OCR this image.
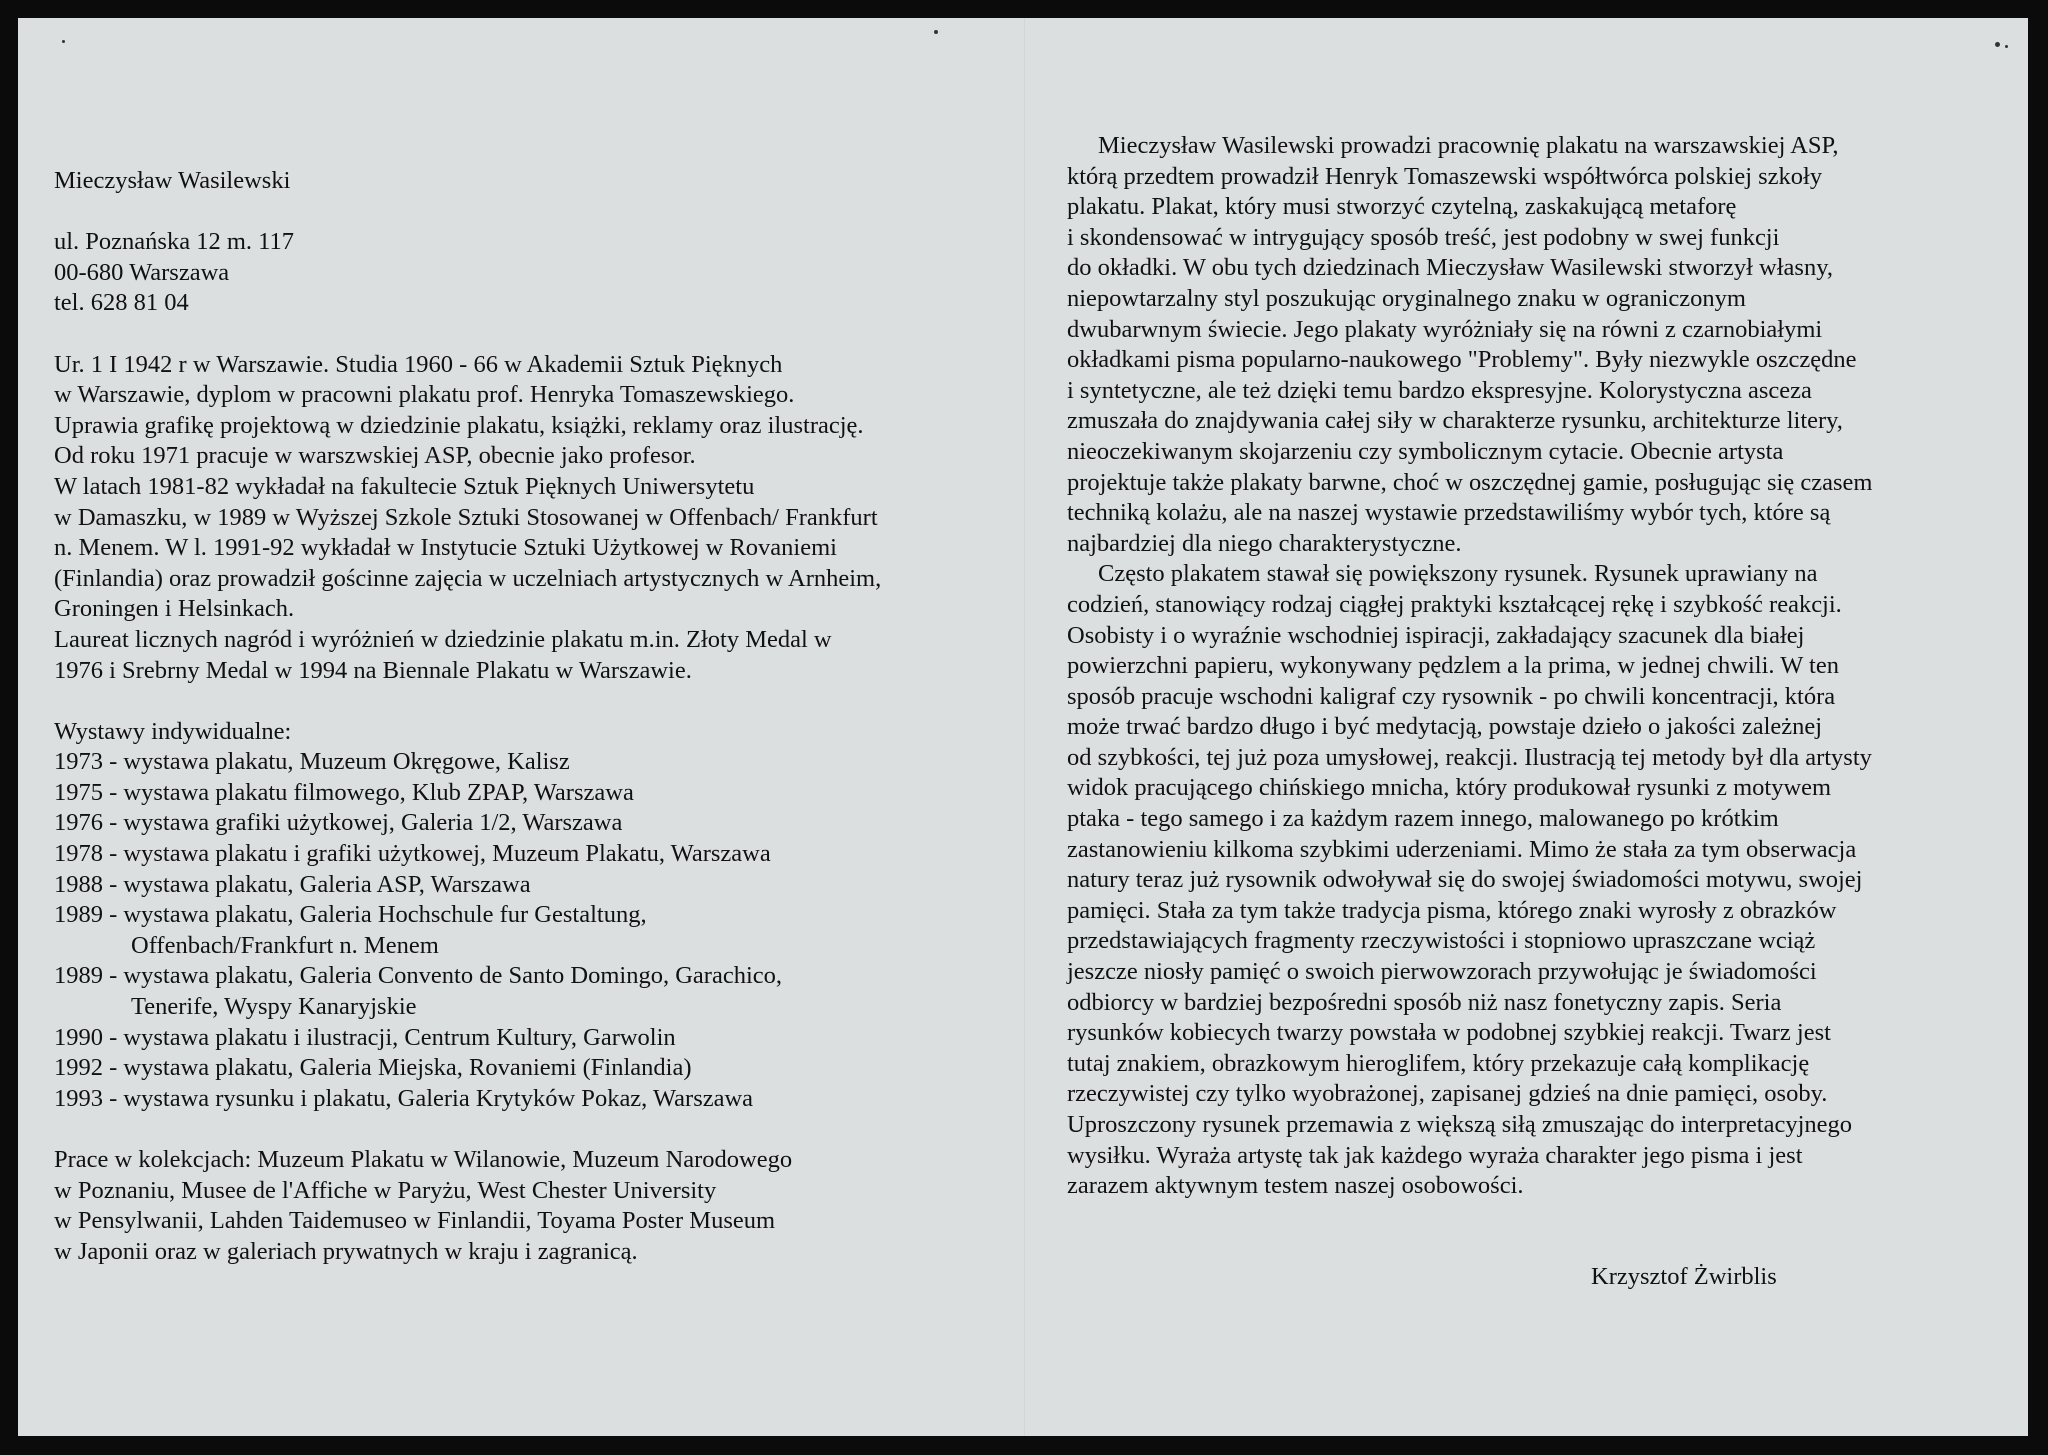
Mieczysław Wasilewski
ul. Poznańska 12 m. 117
00-680 Warszawa
tel. 628 81 04
Ur. 1 I 1942 r w Warszawie. Studia 1960 - 66 w Akademii Sztuk Pięknych
w Warszawie, dyplom w pracowni plakatu prof. Henryka Tomaszewskiego.
Uprawia grafikę projektową w dziedzinie plakatu, książki, reklamy oraz ilustrację.
Od roku 1971 pracuje w warszwskiej ASP, obecnie jako profesor.
W latach 1981-82 wykładał na fakultecie Sztuk Pięknych Uniwersytetu
w Damaszku, w 1989 w Wyższej Szkole Sztuki Stosowanej w Offenbach/ Frankfurt
n. Menem. W l. 1991-92 wykładał w Instytucie Sztuki Użytkowej w Rovaniemi
(Finlandia) oraz prowadził gościnne zajęcia w uczelniach artystycznych w Arnheim,
Groningen i Helsinkach.
Laureat licznych nagród i wyróżnień w dziedzinie plakatu m.in. Złoty Medal w
1976 i Srebrny Medal w 1994 na Biennale Plakatu w Warszawie.
Wystawy indywidualne:
1973 - wystawa plakatu, Muzeum Okręgowe, Kalisz
1975 - wystawa plakatu filmowego, Klub ZPAP, Warszawa
1976 - wystawa grafiki użytkowej, Galeria 1/2, Warszawa
1978 - wystawa plakatu i grafiki użytkowej, Muzeum Plakatu, Warszawa
1988 - wystawa plakatu, Galeria ASP, Warszawa
1989 - wystawa plakatu, Galeria Hochschule fur Gestaltung,
Offenbach/Frankfurt n. Menem
1989 - wystawa plakatu, Galeria Convento de Santo Domingo, Garachico,
Tenerife, Wyspy Kanaryjskie
1990 - wystawa plakatu i ilustracji, Centrum Kultury, Garwolin
1992 - wystawa plakatu, Galeria Miejska, Rovaniemi (Finlandia)
1993 - wystawa rysunku i plakatu, Galeria Krytyków Pokaz, Warszawa
Prace w kolekcjach: Muzeum Plakatu w Wilanowie, Muzeum Narodowego
w Poznaniu, Musee de l'Affiche w Paryżu, West Chester University
w Pensylwanii, Lahden Taidemuseo w Finlandii, Toyama Poster Museum
w Japonii oraz w galeriach prywatnych w kraju i zagranicą.
Mieczysław Wasilewski prowadzi pracownię plakatu na warszawskiej ASP,
którą przedtem prowadził Henryk Tomaszewski współtwórca polskiej szkoły
plakatu. Plakat, który musi stworzyć czytelną, zaskakującą metaforę
i skondensować w intrygujący sposób treść, jest podobny w swej funkcji
do okładki. W obu tych dziedzinach Mieczysław Wasilewski stworzył własny,
niepowtarzalny styl poszukując oryginalnego znaku w ograniczonym
dwubarwnym świecie. Jego plakaty wyróżniały się na równi z czarnobiałymi
okładkami pisma popularno-naukowego "Problemy". Były niezwykle oszczędne
i syntetyczne, ale też dzięki temu bardzo ekspresyjne. Kolorystyczna asceza
zmuszała do znajdywania całej siły w charakterze rysunku, architekturze litery,
nieoczekiwanym skojarzeniu czy symbolicznym cytacie. Obecnie artysta
projektuje także plakaty barwne, choć w oszczędnej gamie, posługując się czasem
techniką kolażu, ale na naszej wystawie przedstawiliśmy wybór tych, które są
najbardziej dla niego charakterystyczne.
Często plakatem stawał się powiększony rysunek. Rysunek uprawiany na
codzień, stanowiący rodzaj ciągłej praktyki kształcącej rękę i szybkość reakcji.
Osobisty i o wyraźnie wschodniej ispiracji, zakładający szacunek dla białej
powierzchni papieru, wykonywany pędzlem a la prima, w jednej chwili. W ten
sposób pracuje wschodni kaligraf czy rysownik - po chwili koncentracji, która
może trwać bardzo długo i być medytacją, powstaje dzieło o jakości zależnej
od szybkości, tej już poza umysłowej, reakcji. Ilustracją tej metody był dla artysty
widok pracującego chińskiego mnicha, który produkował rysunki z motywem
ptaka - tego samego i za każdym razem innego, malowanego po krótkim
zastanowieniu kilkoma szybkimi uderzeniami. Mimo że stała za tym obserwacja
natury teraz już rysownik odwoływał się do swojej świadomości motywu, swojej
pamięci. Stała za tym także tradycja pisma, którego znaki wyrosły z obrazków
przedstawiających fragmenty rzeczywistości i stopniowo upraszczane wciąż
jeszcze niosły pamięć o swoich pierwowzorach przywołując je świadomości
odbiorcy w bardziej bezpośredni sposób niż nasz fonetyczny zapis. Seria
rysunków kobiecych twarzy powstała w podobnej szybkiej reakcji. Twarz jest
tutaj znakiem, obrazkowym hieroglifem, który przekazuje całą komplikację
rzeczywistej czy tylko wyobrażonej, zapisanej gdzieś na dnie pamięci, osoby.
Uproszczony rysunek przemawia z większą siłą zmuszając do interpretacyjnego
wysiłku. Wyraża artystę tak jak każdego wyraża charakter jego pisma i jest
zarazem aktywnym testem naszej osobowości.
Krzysztof Żwirblis
